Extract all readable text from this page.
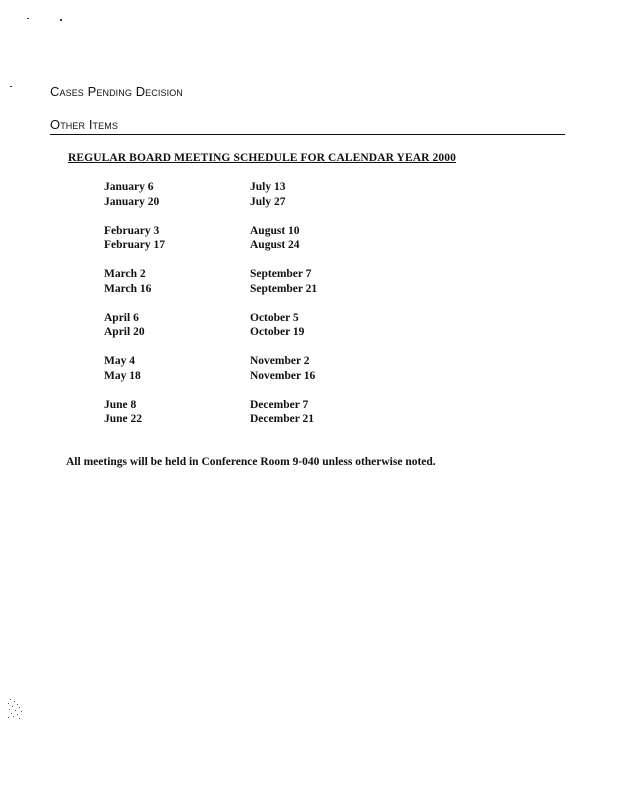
Cases Pending Decision
Other Items
REGULAR BOARD MEETING SCHEDULE FOR CALENDAR YEAR 2000
January 6
January 20
February 3
February 17
March 2
March 16
April 6
April 20
May 4
May 18
June 8
June 22
July 13
July 27
August 10
August 24
September 7
September 21
October 5
October 19
November 2
November 16
December 7
December 21
All meetings will be held in Conference Room 9-040 unless otherwise noted.
